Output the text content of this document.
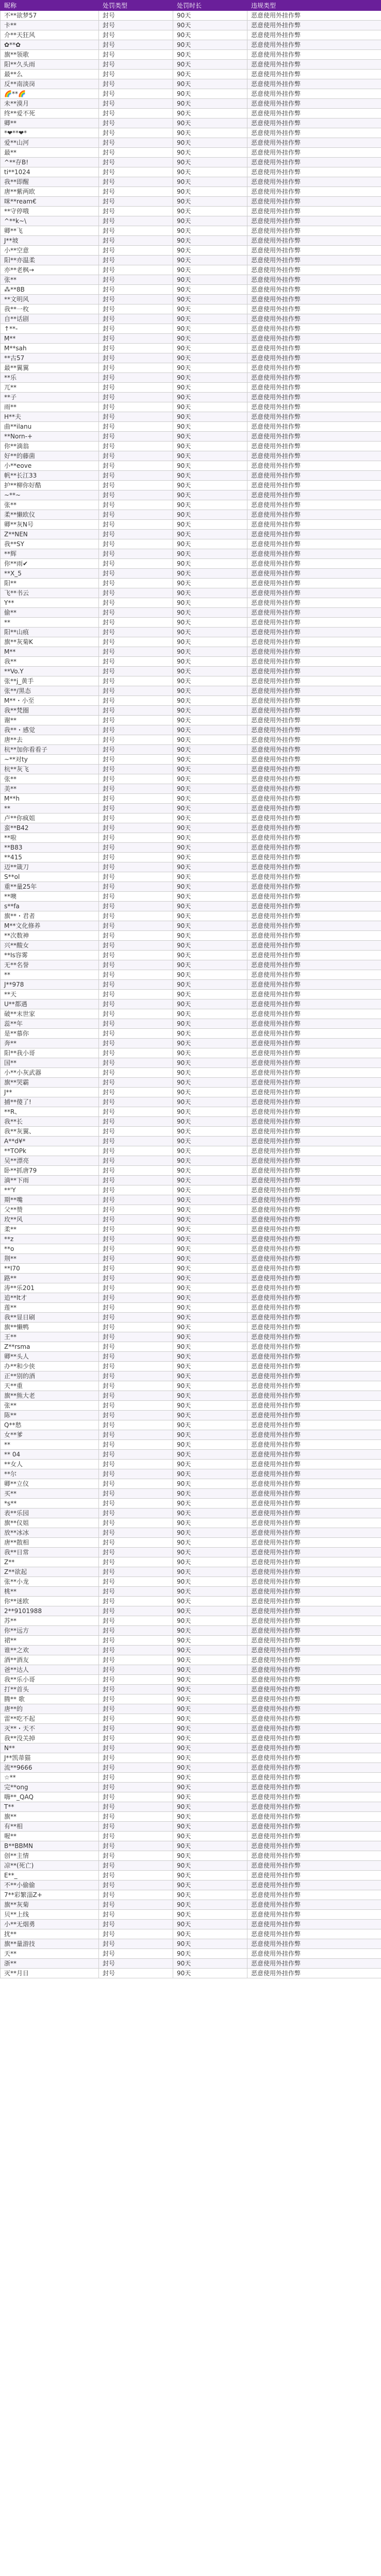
昵称	处罚类型	处罚时长	违规类型
不**欲梦57	封号	90天	恶意使用外挂作弊
卡**	封号	90天	恶意使用外挂作弊
介**天狂风	封号	90天	恶意使用外挂作弊
✿**✿	封号	90天	恶意使用外挂作弊
旗**领歌	封号	90天	恶意使用外挂作弊
阳**久头雨	封号	90天	恶意使用外挂作弊
最**么	封号	90天	恶意使用外挂作弊
反**南淡岗	封号	90天	恶意使用外挂作弊
🌈**🌈	封号	90天	恶意使用外挂作弊
未**漠月	封号	90天	恶意使用外挂作弊
终**爱不死	封号	90天	恶意使用外挂作弊
卿**	封号	90天	恶意使用外挂作弊
*❤**❤*	封号	90天	恶意使用外挂作弊
爱**山河	封号	90天	恶意使用外挂作弊
最**	封号	90天	恶意使用外挂作弊
^**存B!	封号	90天	恶意使用外挂作弊
ti**1024	封号	90天	恶意使用外挂作弊
我**即醒	封号	90天	恶意使用外挂作弊
唐**紫两欧	封号	90天	恶意使用外挂作弊
咪**ream€	封号	90天	恶意使用外挂作弊
**守停哦	封号	90天	恶意使用外挂作弊
^**k~\	封号	90天	恶意使用外挂作弊
卿**飞	封号	90天	恶意使用外挂作弊
J**坡	封号	90天	恶意使用外挂作弊
小**空意	封号	90天	恶意使用外挂作弊
阳**亦温柔	封号	90天	恶意使用外挂作弊
亦**老枫→	封号	90天	恶意使用外挂作弊
张**	封号	90天	恶意使用外挂作弊
⁂**8B	封号	90天	恶意使用外挂作弊
**文明风	封号	90天	恶意使用外挂作弊
我**一枚	封号	90天	恶意使用外挂作弊
自**话剧	封号	90天	恶意使用外挂作弊
↑**-	封号	90天	恶意使用外挂作弊
M**	封号	90天	恶意使用外挂作弊
M**sah	封号	90天	恶意使用外挂作弊
**古57	封号	90天	恶意使用外挂作弊
最**翼翼	封号	90天	恶意使用外挂作弊
**乐	封号	90天	恶意使用外挂作弊
兀**	封号	90天	恶意使用外挂作弊
**子	封号	90天	恶意使用外挂作弊
雨**	封号	90天	恶意使用外挂作弊
H**夫	封号	90天	恶意使用外挂作弊
曲**ilanu	封号	90天	恶意使用外挂作弊
**Norn-+	封号	90天	恶意使用外挂作弊
你**滴翁	封号	90天	恶意使用外挂作弊
好**的藤菌	封号	90天	恶意使用外挂作弊
小**eove	封号	90天	恶意使用外挂作弊
帆**长江33	封号	90天	恶意使用外挂作弊
护**柳你好酷	封号	90天	恶意使用外挂作弊
~**~	封号	90天	恶意使用外挂作弊
张**	封号	90天	恶意使用外挂作弊
柔**懒欧仪	封号	90天	恶意使用外挂作弊
卿**灰N号	封号	90天	恶意使用外挂作弊
Z**NEN	封号	90天	恶意使用外挂作弊
我**SY	封号	90天	恶意使用外挂作弊
**辉	封号	90天	恶意使用外挂作弊
你**雨✔	封号	90天	恶意使用外挂作弊
**X_5	封号	90天	恶意使用外挂作弊
阳**	封号	90天	恶意使用外挂作弊
飞**书云	封号	90天	恶意使用外挂作弊
Y**	封号	90天	恶意使用外挂作弊
偷**	封号	90天	恶意使用外挂作弊
**	封号	90天	恶意使用外挂作弊
阳**山痕	封号	90天	恶意使用外挂作弊
旗**灰菊K	封号	90天	恶意使用外挂作弊
M**	封号	90天	恶意使用外挂作弊
我**	封号	90天	恶意使用外挂作弊
**Vo.Y	封号	90天	恶意使用外挂作弊
张**j_黄手	封号	90天	恶意使用外挂作弊
张**/黑态	封号	90天	恶意使用外挂作弊
M**・小至	封号	90天	恶意使用外挂作弊
我**梵圈	封号	90天	恶意使用外挂作弊
谢**	封号	90天	恶意使用外挂作弊
我**・感觉	封号	90天	恶意使用外挂作弊
唐**去	封号	90天	恶意使用外挂作弊
杭**加你看看子	封号	90天	恶意使用外挂作弊
~**对ty	封号	90天	恶意使用外挂作弊
杭**灰飞	封号	90天	恶意使用外挂作弊
张**	封号	90天	恶意使用外挂作弊
美**	封号	90天	恶意使用外挂作弊
M**h	封号	90天	恶意使用外挂作弊
**	封号	90天	恶意使用外挂作弊
卢**你疯姐	封号	90天	恶意使用外挂作弊
蛮**B42	封号	90天	恶意使用外挂作弊
**啦	封号	90天	恶意使用外挂作弊
**B83	封号	90天	恶意使用外挂作弊
**415	封号	90天	恶意使用外挂作弊
迈**箴刀	封号	90天	恶意使用外挂作弊
S**ol	封号	90天	恶意使用外挂作弊
重**量25年	封号	90天	恶意使用外挂作弊
**噢	封号	90天	恶意使用外挂作弊
s**fa	封号	90天	恶意使用外挂作弊
旗**・君者	封号	90天	恶意使用外挂作弊
M**文化修养	封号	90天	恶意使用外挂作弊
**次数神	封号	90天	恶意使用外挂作弊
兴**酸女	封号	90天	恶意使用外挂作弊
**Is容雾	封号	90天	恶意使用外挂作弊
无**名誉	封号	90天	恶意使用外挂作弊
**	封号	90天	恶意使用外挂作弊
J**978	封号	90天	恶意使用外挂作弊
**天	封号	90天	恶意使用外挂作弊
U**都遇	封号	90天	恶意使用外挂作弊
破**末世家	封号	90天	恶意使用外挂作弊
蕊**年	封号	90天	恶意使用外挂作弊
是**慕你	封号	90天	恶意使用外挂作弊
奔**	封号	90天	恶意使用外挂作弊
阳**我小哥	封号	90天	恶意使用外挂作弊
国**	封号	90天	恶意使用外挂作弊
小**小灰武器	封号	90天	恶意使用外挂作弊
旗**哭霸	封号	90天	恶意使用外挂作弊
J**	封号	90天	恶意使用外挂作弊
捕**傻了!	封号	90天	恶意使用外挂作弊
**R、	封号	90天	恶意使用外挂作弊
我**长	封号	90天	恶意使用外挂作弊
我**灰翼、	封号	90天	恶意使用外挂作弊
A**d¥*	封号	90天	恶意使用外挂作弊
**TOPk	封号	90天	恶意使用外挂作弊
吴**漂亮	封号	90天	恶意使用外挂作弊
卧**抓唐79	封号	90天	恶意使用外挂作弊
滴**下雨	封号	90天	恶意使用外挂作弊
**'Y	封号	90天	恶意使用外挂作弊
期**嘴	封号	90天	恶意使用外挂作弊
父**赞	封号	90天	恶意使用外挂作弊
玫**风	封号	90天	恶意使用外挂作弊
柔**	封号	90天	恶意使用外挂作弊
**z	封号	90天	恶意使用外挂作弊
**o	封号	90天	恶意使用外挂作弊
荆**	封号	90天	恶意使用外挂作弊
**I70	封号	90天	恶意使用外挂作弊
路**	封号	90天	恶意使用外挂作弊
涛**乐201	封号	90天	恶意使用外挂作弊
追**lt才	封号	90天	恶意使用外挂作弊
莲**	封号	90天	恶意使用外挂作弊
我**显日刷	封号	90天	恶意使用外挂作弊
旗**懒鸭	封号	90天	恶意使用外挂作弊
王**	封号	90天	恶意使用外挂作弊
Z**rsma	封号	90天	恶意使用外挂作弊
卿**头人	封号	90天	恶意使用外挂作弊
办**和少侠	封号	90天	恶意使用外挂作弊
正**别的酒	封号	90天	恶意使用外挂作弊
天**重	封号	90天	恶意使用外挂作弊
旗**熊大老	封号	90天	恶意使用外挂作弊
张**	封号	90天	恶意使用外挂作弊
陈**	封号	90天	恶意使用外挂作弊
Q**愁	封号	90天	恶意使用外挂作弊
女**爹	封号	90天	恶意使用外挂作弊
**	封号	90天	恶意使用外挂作弊
** 04	封号	90天	恶意使用外挂作弊
**女人	封号	90天	恶意使用外挂作弊
**尔	封号	90天	恶意使用外挂作弊
卿**立仪	封号	90天	恶意使用外挂作弊
买**	封号	90天	恶意使用外挂作弊
*s**	封号	90天	恶意使用外挂作弊
表**乐园	封号	90天	恶意使用外挂作弊
旗**仪姐	封号	90天	恶意使用外挂作弊
放**冰冰	封号	90天	恶意使用外挂作弊
唐**散相	封号	90天	恶意使用外挂作弊
我**日常	封号	90天	恶意使用外挂作弊
Z**	封号	90天	恶意使用外挂作弊
Z**欲起	封号	90天	恶意使用外挂作弊
张**小龙	封号	90天	恶意使用外挂作弊
桃**	封号	90天	恶意使用外挂作弊
你**迷欧	封号	90天	恶意使用外挂作弊
2**9101988	封号	90天	恶意使用外挂作弊
苏**	封号	90天	恶意使用外挂作弊
你**远方	封号	90天	恶意使用外挂作弊
裙**	封号	90天	恶意使用外挂作弊
谁**之欢	封号	90天	恶意使用外挂作弊
酒**酒友	封号	90天	恶意使用外挂作弊
爸**达人	封号	90天	恶意使用外挂作弊
我**乐小哥	封号	90天	恶意使用外挂作弊
打**首头	封号	90天	恶意使用外挂作弊
腾** 歌	封号	90天	恶意使用外挂作弊
唐**的	封号	90天	恶意使用外挂作弊
雷**吃不起	封号	90天	恶意使用外挂作弊
灭**・天不	封号	90天	恶意使用外挂作弊
我**没关掉	封号	90天	恶意使用外挂作弊
N**	封号	90天	恶意使用外挂作弊
J**凯蒂猫	封号	90天	恶意使用外挂作弊
流**9666	封号	90天	恶意使用外挂作弊
☆**	封号	90天	恶意使用外挂作弊
完**ong	封号	90天	恶意使用外挂作弊
嗨**_QAQ	封号	90天	恶意使用外挂作弊
T**	封号	90天	恶意使用外挂作弊
旗**	封号	90天	恶意使用外挂作弊
有**相	封号	90天	恶意使用外挂作弊
喔**	封号	90天	恶意使用外挂作弊
B**BBMN	封号	90天	恶意使用外挂作弊
创**主情	封号	90天	恶意使用外挂作弊
凉**(死亡)	封号	90天	恶意使用外挂作弊
E**_	封号	90天	恶意使用外挂作弊
不**小偷偷	封号	90天	恶意使用外挂作弊
7**彩繁淄Z+	封号	90天	恶意使用外挂作弊
旗**灰菊	封号	90天	恶意使用外挂作弊
贝**上线	封号	90天	恶意使用外挂作弊
小**无烟勇	封号	90天	恶意使用外挂作弊
扰**	封号	90天	恶意使用外挂作弊
旗**量游技	封号	90天	恶意使用外挂作弊
天**	封号	90天	恶意使用外挂作弊
浙**	封号	90天	恶意使用外挂作弊
灭**月日	封号	90天	恶意使用外挂作弊
